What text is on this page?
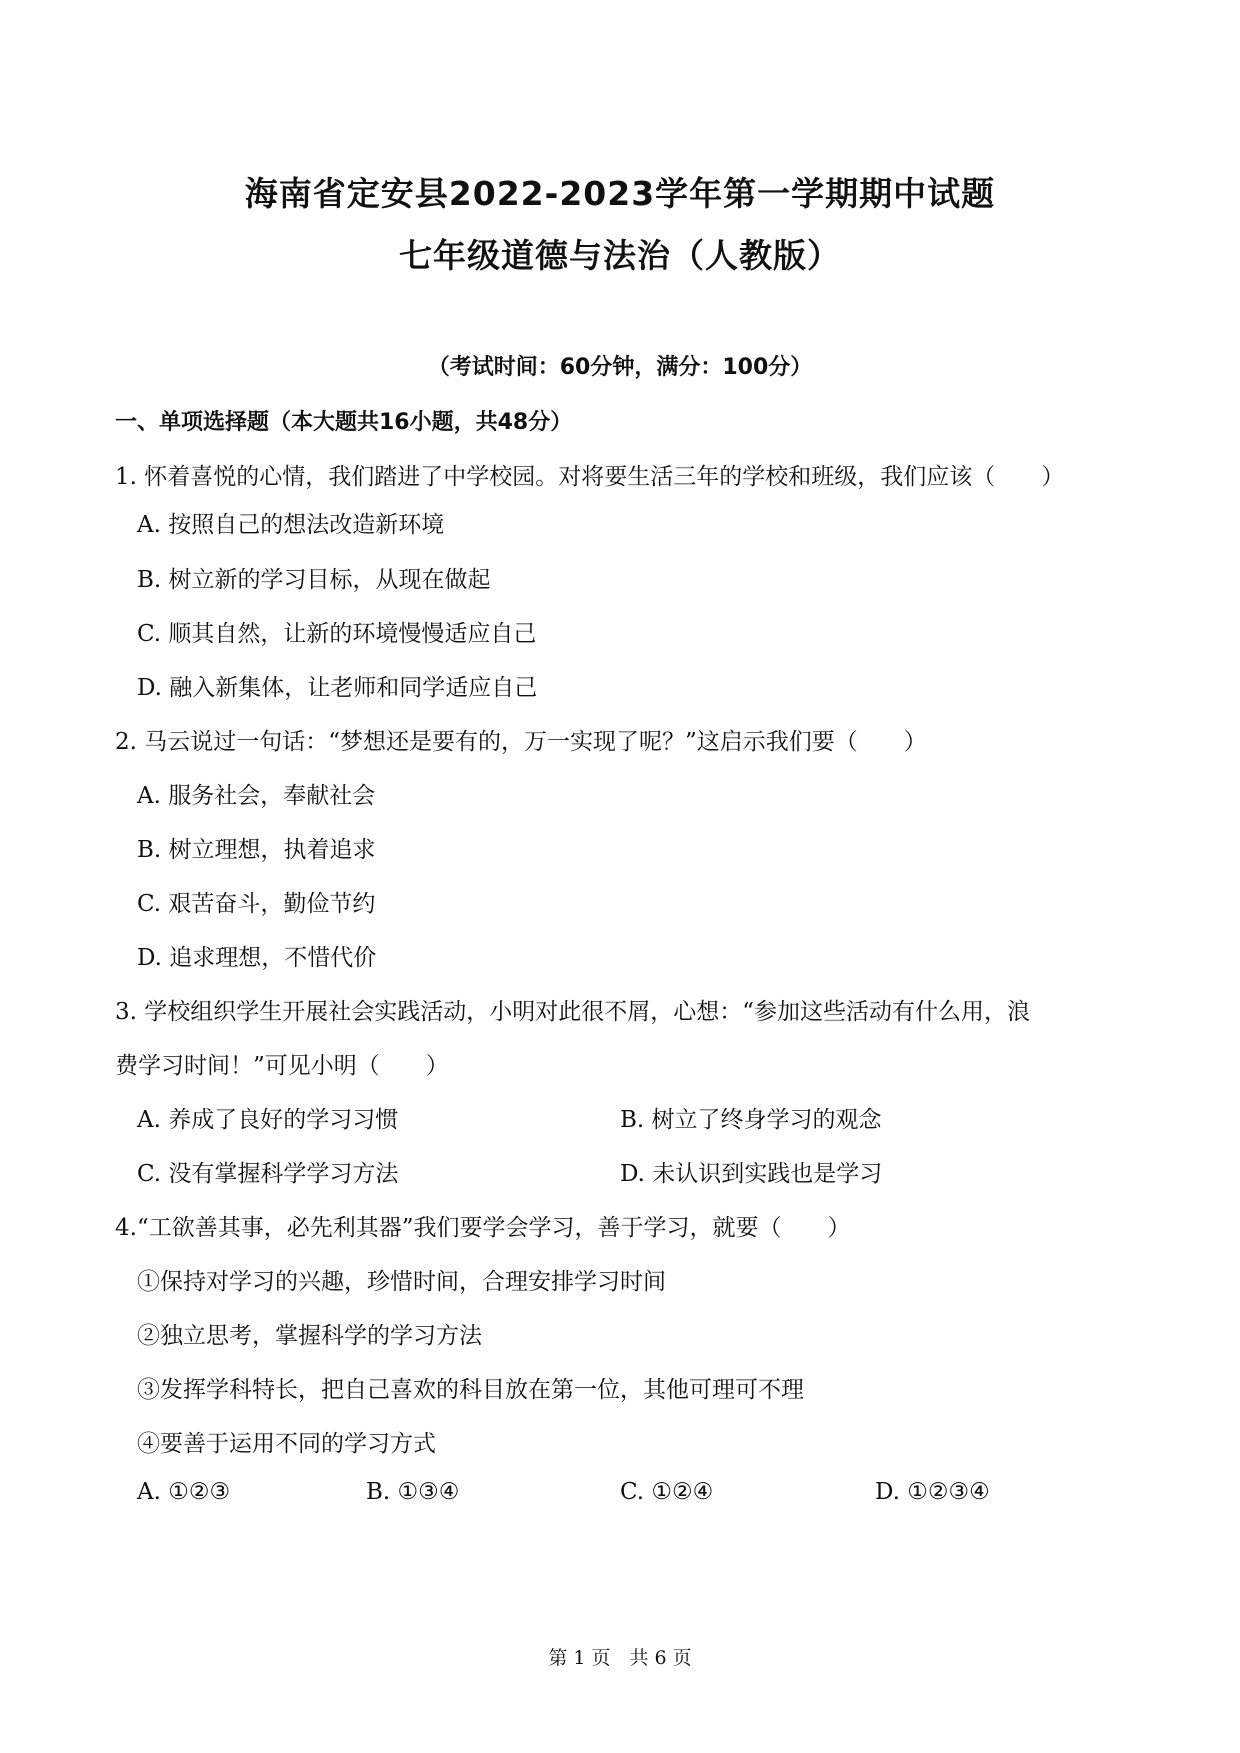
海南省定安县2022-2023学年第一学期期中试题
七年级道德与法治（人教版）
（考试时间：60分钟，满分：100分）
一、单项选择题（本大题共16小题，共48分）
1. 怀着喜悦的心情，我们踏进了中学校园。对将要生活三年的学校和班级，我们应该（　　）
A. 按照自己的想法改造新环境
B. 树立新的学习目标，从现在做起
C. 顺其自然，让新的环境慢慢适应自己
D. 融入新集体，让老师和同学适应自己
2. 马云说过一句话：“梦想还是要有的，万一实现了呢？”这启示我们要（　　）
A. 服务社会，奉献社会
B. 树立理想，执着追求
C. 艰苦奋斗，勤俭节约
D. 追求理想，不惜代价
3. 学校组织学生开展社会实践活动，小明对此很不屑，心想：“参加这些活动有什么用，浪
费学习时间！”可见小明（　　）
A. 养成了良好的学习习惯	B. 树立了终身学习的观念
C. 没有掌握科学学习方法	D. 未认识到实践也是学习
4.“工欲善其事，必先利其器”我们要学会学习，善于学习，就要（　　）
①保持对学习的兴趣，珍惜时间，合理安排学习时间
②独立思考，掌握科学的学习方法
③发挥学科特长，把自己喜欢的科目放在第一位，其他可理可不理
④要善于运用不同的学习方式
A. ①②③	B. ①③④	C. ①②④	D. ①②③④
第 1 页　共 6 页
